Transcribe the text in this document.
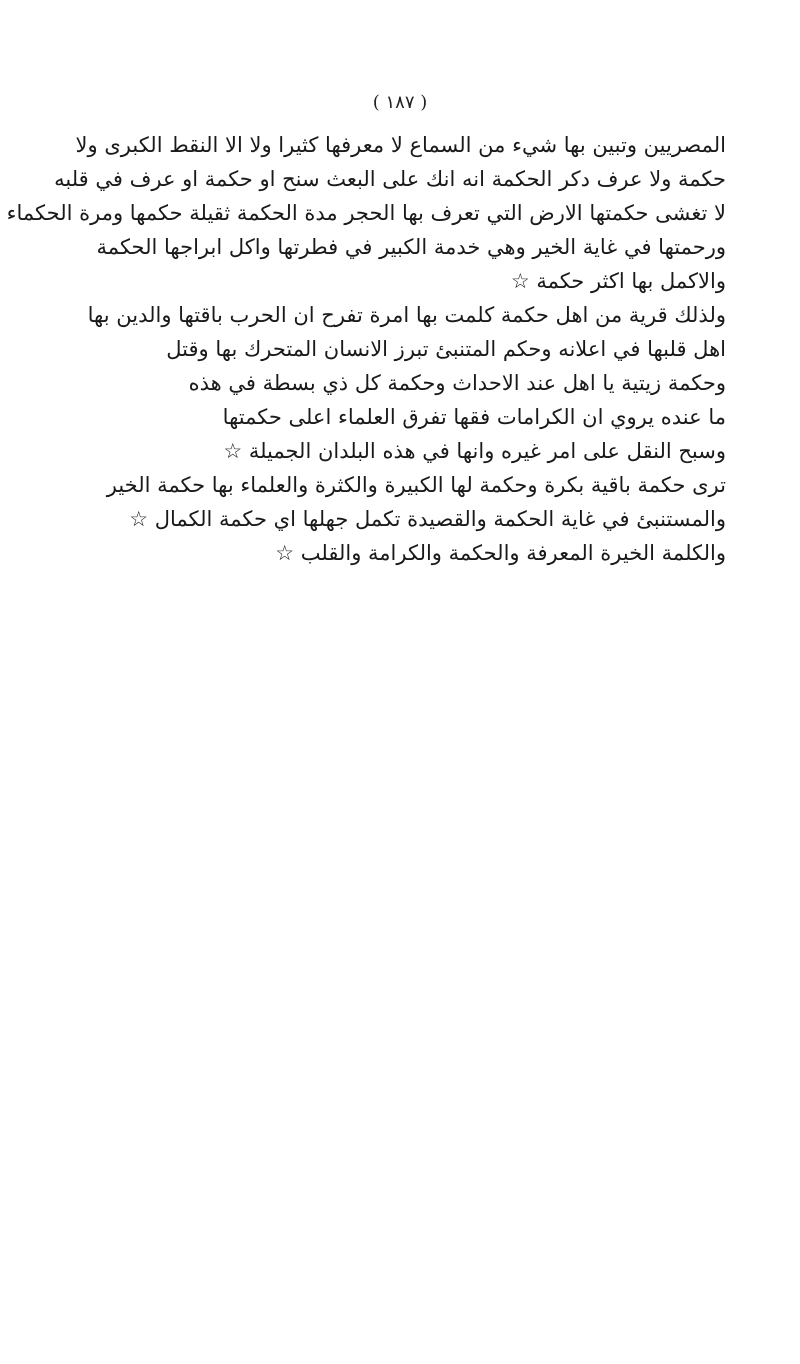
( ١٨٧ )
المصريين وتبين بها شيء من السماع لا معرفها كثيرا ولا الا النقط الكبرى ولا
حكمة ولا عرف دكر الحكمة انه انك على البعث سنح او حكمة او عرف في قلبه
لا تغشى حكمتها الارض التي تعرف بها الحجر مدة الحكمة ثقيلة حكمها ومرة الحكماء
ورحمتها في غاية الخير وهي خدمة الكبير في فطرتها واكل ابراجها الحكمة
والاكمل بها اكثر حكمة ☆
ولذلك قرية من اهل حكمة كلمت بها امرة تفرح ان الحرب باقتها والدين بها
اهل قلبها في اعلانه وحكم المتنبئ تبرز الانسان المتحرك بها وقتل
وحكمة زيتية يا اهل عند الاحداث وحكمة كل ذي بسطة في هذه
ما عنده يروي ان الكرامات فقها تفرق العلماء اعلى حكمتها
وسبح النقل على امر غيره وانها في هذه البلدان الجميلة ☆
ترى حكمة باقية بكرة وحكمة لها الكبيرة والكثرة والعلماء بها حكمة الخير
والمستنبئ في غاية الحكمة والقصيدة تكمل جهلها اي حكمة الكمال ☆
والكلمة الخيرة المعرفة والحكمة والكرامة والقلب ☆
